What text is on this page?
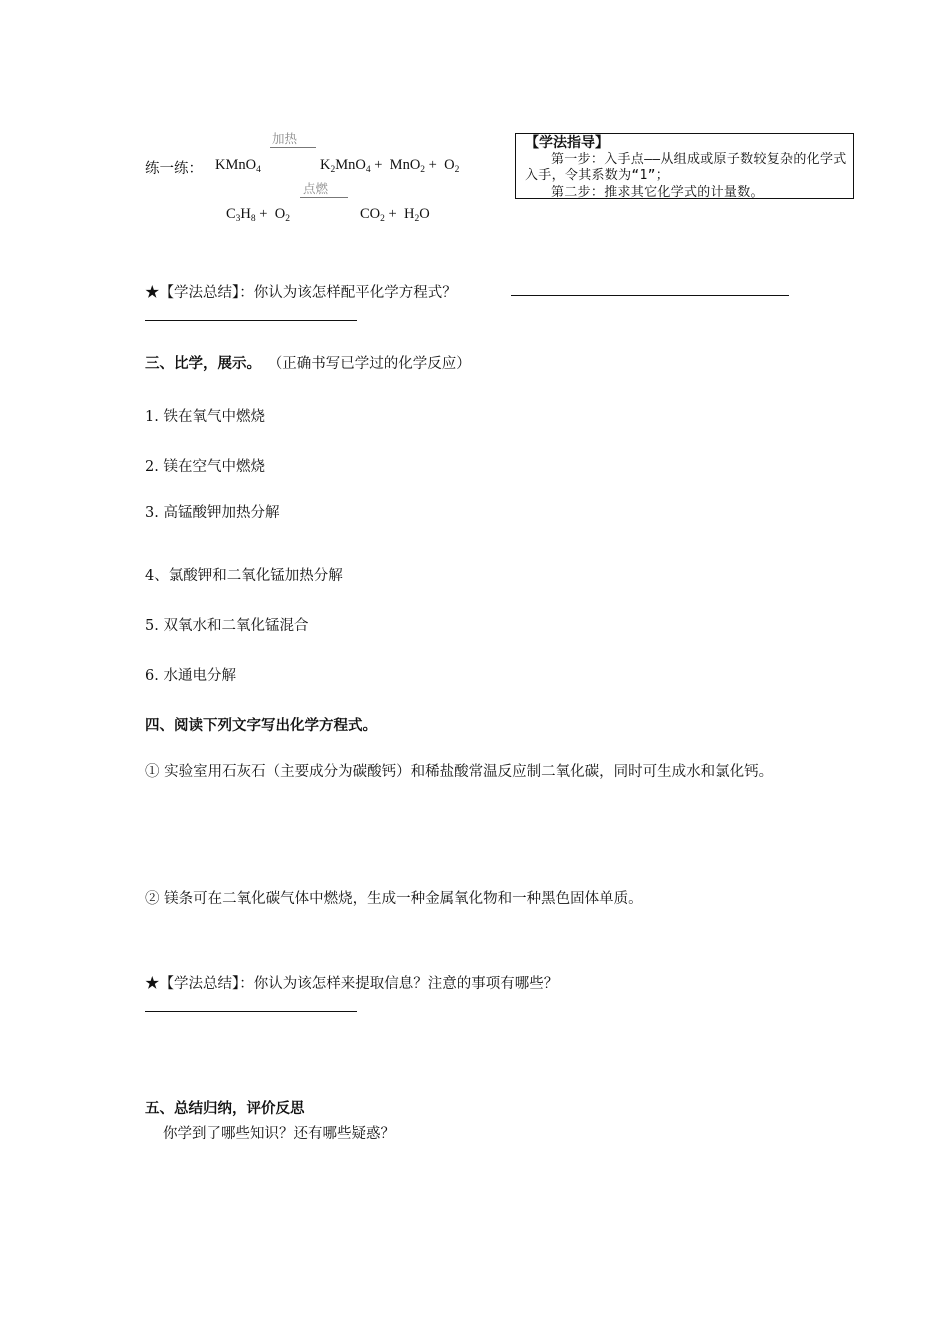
练一练：
加热
KMnO$_4$	$K_2MnO_4 + MnO_2 + O_2$
点燃
$C_3H_8 + O_2$	$CO_2 + H_2O$
【学法指导】
第一步：入手点——从组成或原子数较复杂的化学式入手，令其系数为“1”；
第二步：推求其它化学式的计量数。
★【学法总结】：你认为该怎样配平化学方程式？
三、比学，展示。 （正确书写已学过的化学反应）
1. 铁在氧气中燃烧
2. 镁在空气中燃烧
3. 高锰酸钾加热分解
4、氯酸钾和二氧化锰加热分解
5. 双氧水和二氧化锰混合
6. 水通电分解
四、阅读下列文字写出化学方程式。
① 实验室用石灰石（主要成分为碳酸钙）和稀盐酸常温反应制二氧化碳，同时可生成水和氯化钙。
② 镁条可在二氧化碳气体中燃烧，生成一种金属氧化物和一种黑色固体单质。
★【学法总结】：你认为该怎样来提取信息？注意的事项有哪些？
五、总结归纳，评价反思
你学到了哪些知识？还有哪些疑惑？
